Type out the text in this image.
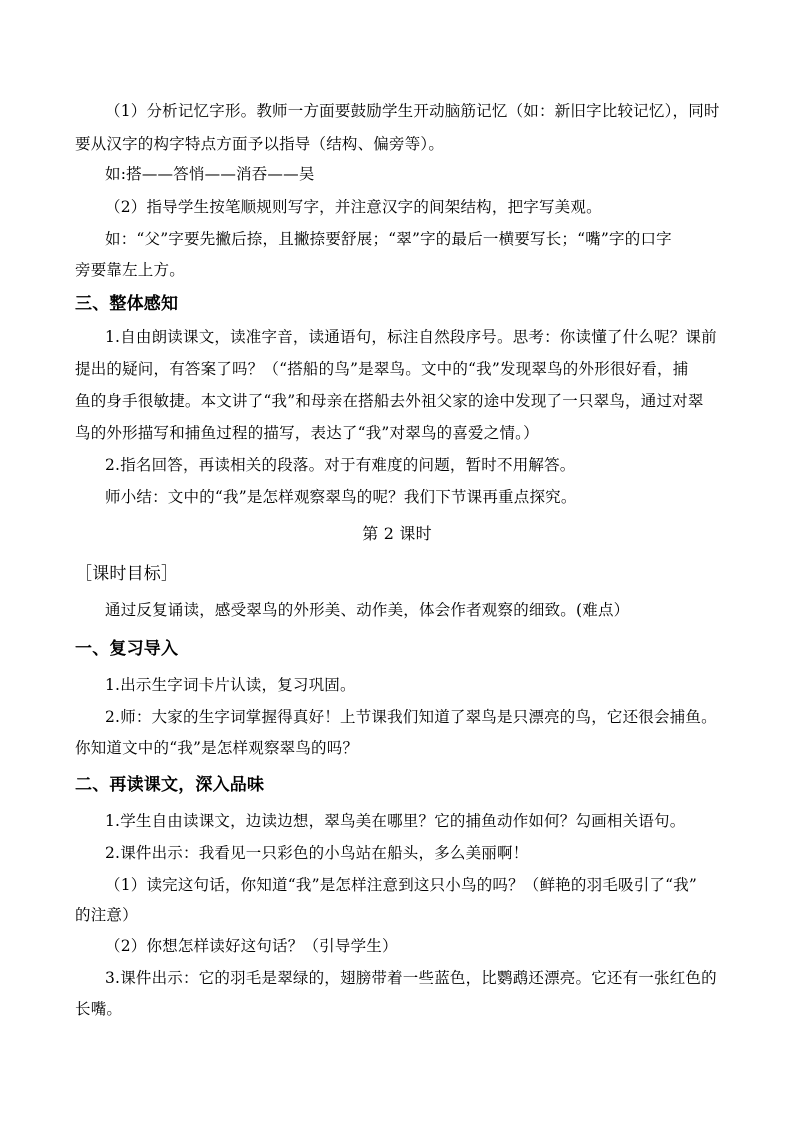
（1）分析记忆字形。教师一方面要鼓励学生开动脑筋记忆（如：新旧字比较记忆），同时
要从汉字的构字特点方面予以指导（结构、偏旁等）。
如:搭——答悄——消吞——吴
（2）指导学生按笔顺规则写字，并注意汉字的间架结构，把字写美观。
如：“父”字要先撇后捺，且撇捺要舒展；“翠”字的最后一横要写长；“嘴”字的口字
旁要靠左上方。
三、整体感知
1.自由朗读课文，读准字音，读通语句，标注自然段序号。思考：你读懂了什么呢？课前
提出的疑问，有答案了吗？（“搭船的鸟”是翠鸟。文中的“我”发现翠鸟的外形很好看，捕
鱼的身手很敏捷。本文讲了“我”和母亲在搭船去外祖父家的途中发现了一只翠鸟，通过对翠
鸟的外形描写和捕鱼过程的描写，表达了“我”对翠鸟的喜爱之情。）
2.指名回答，再读相关的段落。对于有难度的问题，暂时不用解答。
师小结：文中的“我”是怎样观察翠鸟的呢？我们下节课再重点探究。
第 2 课时
［课时目标］
通过反复诵读，感受翠鸟的外形美、动作美，体会作者观察的细致。(难点）
一、复习导入
1.出示生字词卡片认读，复习巩固。
2.师：大家的生字词掌握得真好！上节课我们知道了翠鸟是只漂亮的鸟，它还很会捕鱼。
你知道文中的“我”是怎样观察翠鸟的吗？
二、再读课文，深入品味
1.学生自由读课文，边读边想，翠鸟美在哪里？它的捕鱼动作如何？勾画相关语句。
2.课件出示：我看见一只彩色的小鸟站在船头，多么美丽啊！
（1）读完这句话，你知道“我”是怎样注意到这只小鸟的吗？（鲜艳的羽毛吸引了“我”
的注意）
（2）你想怎样读好这句话？（引导学生）
3.课件出示：它的羽毛是翠绿的，翅膀带着一些蓝色，比鹦鹉还漂亮。它还有一张红色的
长嘴。
